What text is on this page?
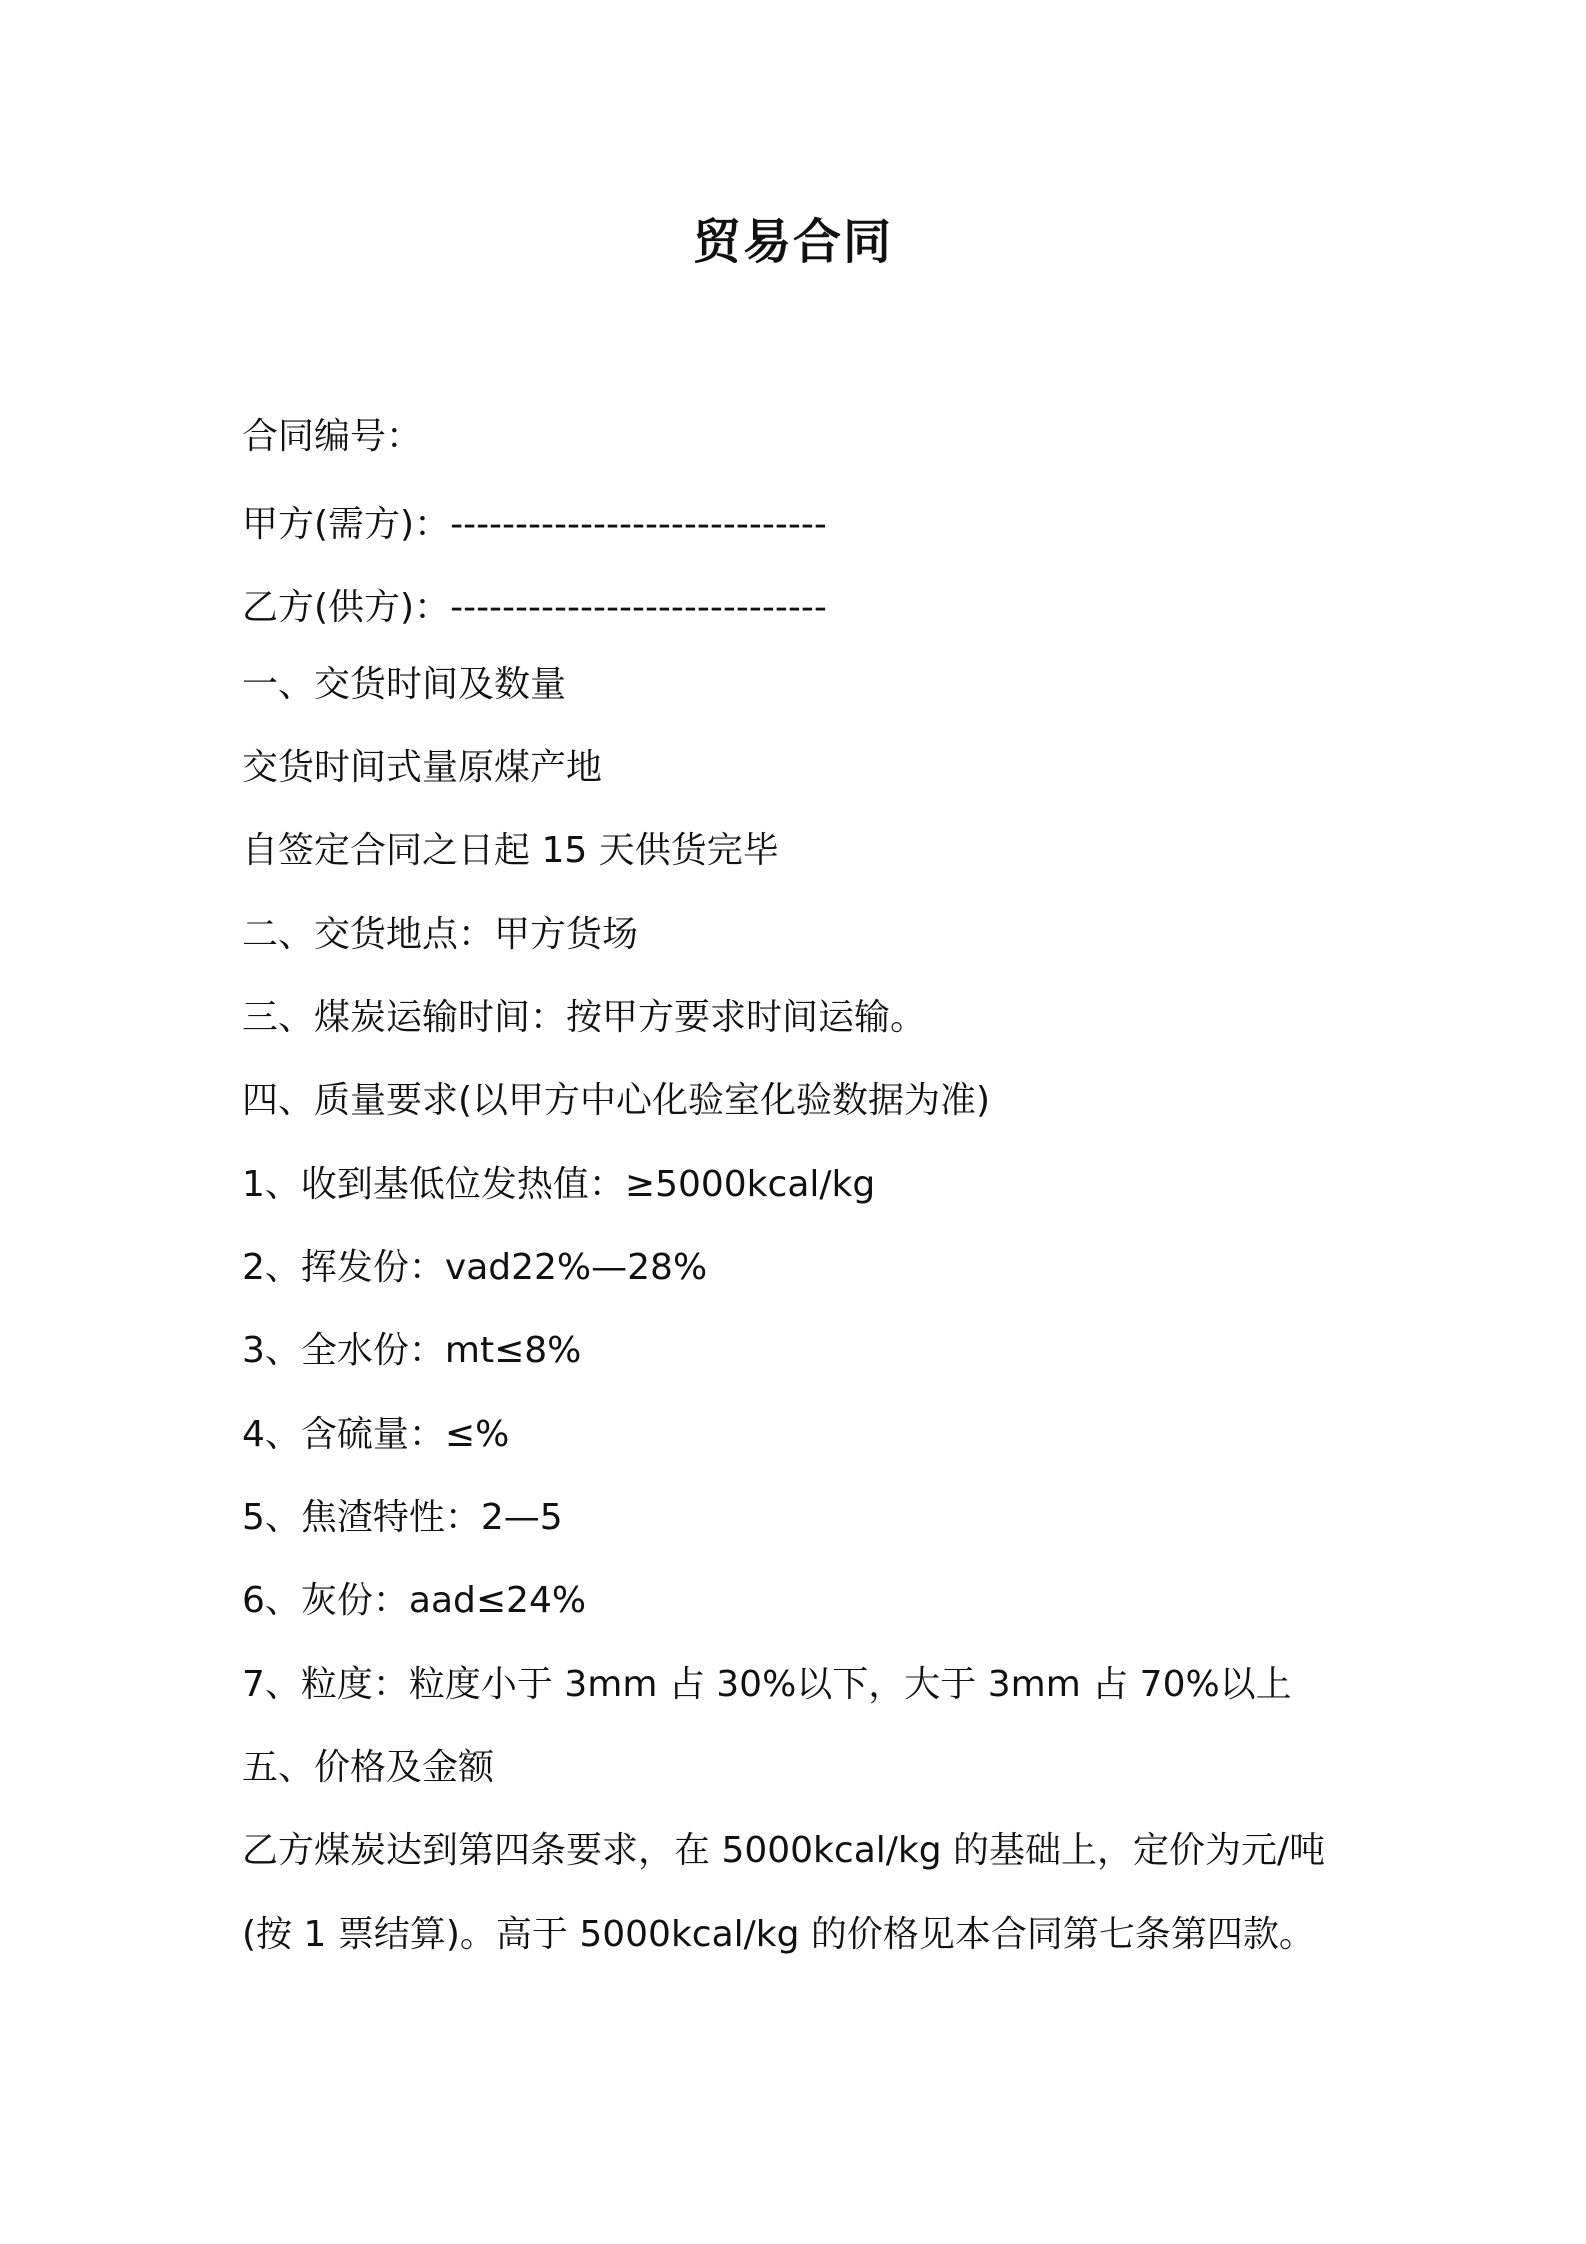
贸易合同
合同编号：
甲方(需方)：-----------------------------
乙方(供方)：-----------------------------
一、交货时间及数量
交货时间式量原煤产地
自签定合同之日起 15 天供货完毕
二、交货地点：甲方货场
三、煤炭运输时间：按甲方要求时间运输。
四、质量要求(以甲方中心化验室化验数据为准)
1、收到基低位发热值：≥5000kcal/kg
2、挥发份：vad22%—28%
3、全水份：mt≤8%
4、含硫量：≤%
5、焦渣特性：2—5
6、灰份：aad≤24%
7、粒度：粒度小于 3mm 占 30%以下，大于 3mm 占 70%以上
五、价格及金额
乙方煤炭达到第四条要求，在 5000kcal/kg 的基础上，定价为元/吨
(按 1 票结算)。高于 5000kcal/kg 的价格见本合同第七条第四款。
